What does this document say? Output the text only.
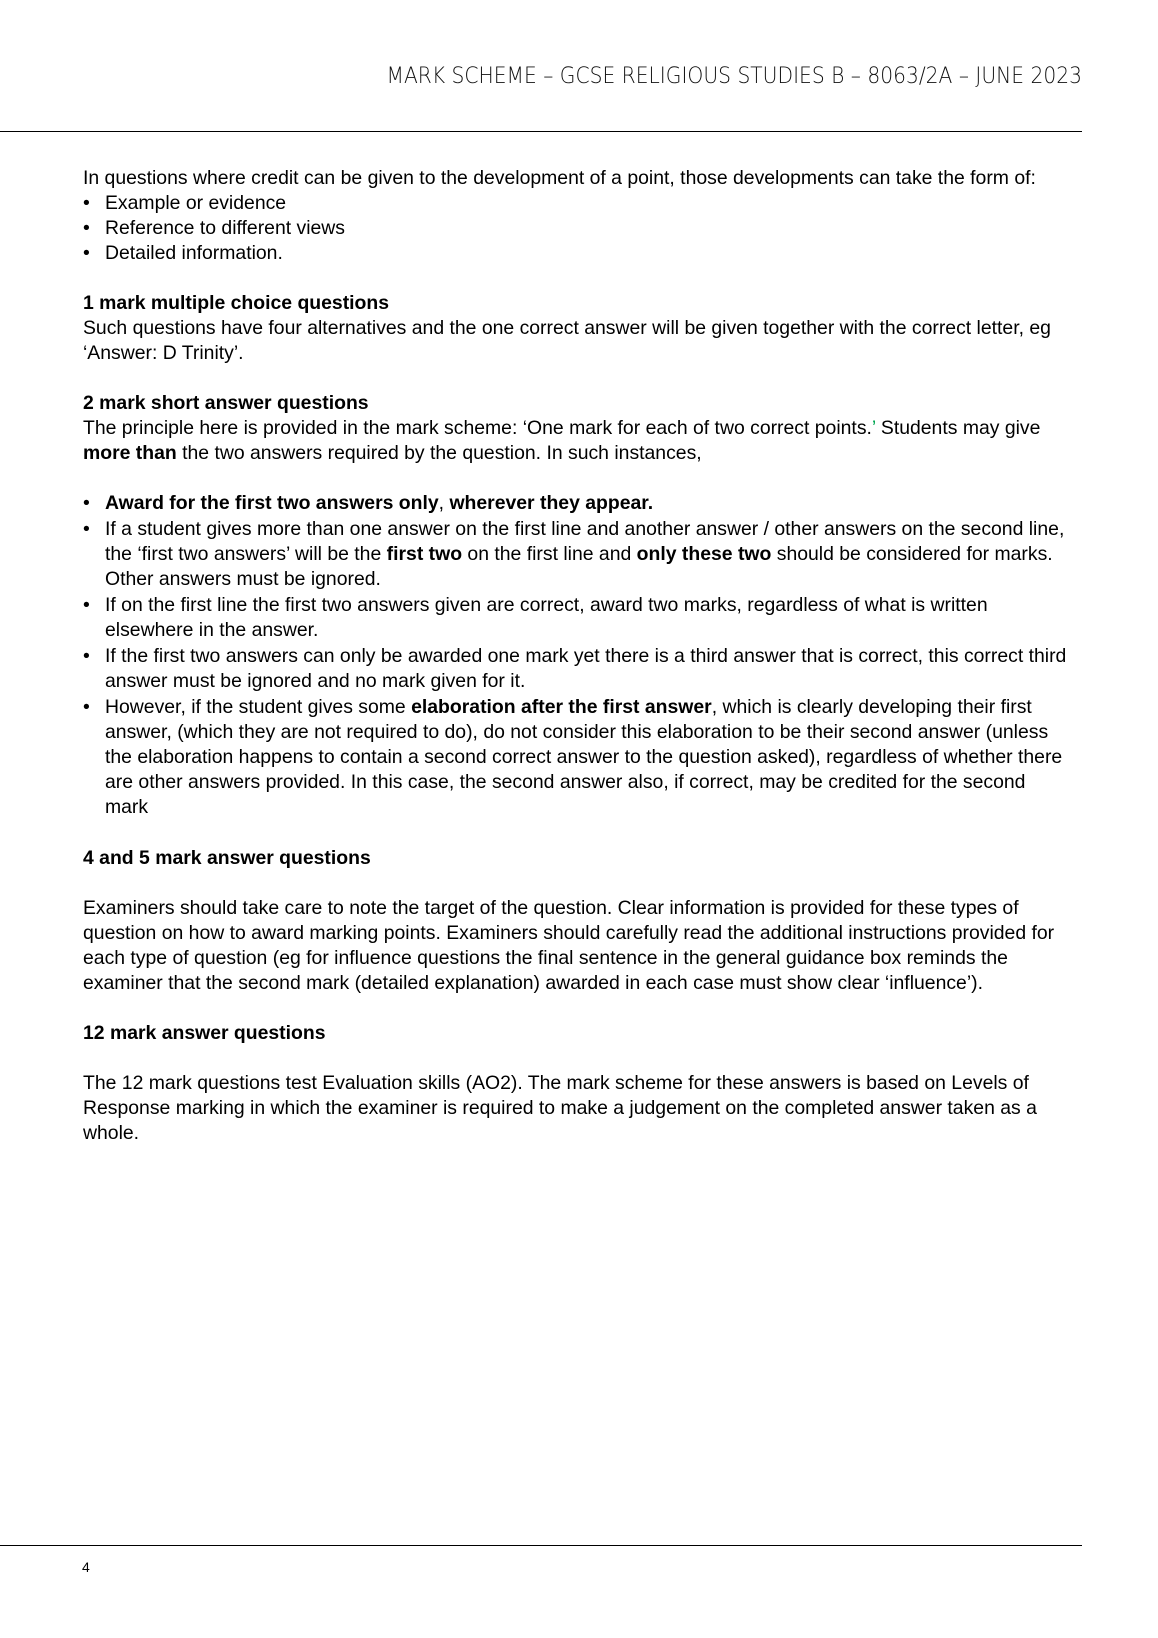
MARK SCHEME – GCSE RELIGIOUS STUDIES B – 8063/2A – JUNE 2023

In questions where credit can be given to the development of a point, those developments can take the form of:

• Example or evidence
• Reference to different views
• Detailed information.
1 mark multiple choice questions

Such questions have four alternatives and the one correct answer will be given together with the correct letter, eg ‘Answer: D Trinity’.

2 mark short answer questions

The principle here is provided in the mark scheme: ‘One mark for each of two correct points.’ Students may give more than the two answers required by the question. In such instances,

• Award for the first two answers only, wherever they appear.
• If a student gives more than one answer on the first line and another answer / other answers on the second line, the ‘first two answers’ will be the first two on the first line and only these two should be considered for marks. Other answers must be ignored.
• If on the first line the first two answers given are correct, award two marks, regardless of what is written elsewhere in the answer.
• If the first two answers can only be awarded one mark yet there is a third answer that is correct, this correct third answer must be ignored and no mark given for it.
• However, if the student gives some elaboration after the first answer, which is clearly developing their first answer, (which they are not required to do), do not consider this elaboration to be their second answer (unless the elaboration happens to contain a second correct answer to the question asked), regardless of whether there are other answers provided. In this case, the second answer also, if correct, may be credited for the second mark
4 and 5 mark answer questions

Examiners should take care to note the target of the question. Clear information is provided for these types of question on how to award marking points. Examiners should carefully read the additional instructions provided for each type of question (eg for influence questions the final sentence in the general guidance box reminds the examiner that the second mark (detailed explanation) awarded in each case must show clear ‘influence’).

12 mark answer questions

The 12 mark questions test Evaluation skills (AO2). The mark scheme for these answers is based on Levels of Response marking in which the examiner is required to make a judgement on the completed answer taken as a whole.

4
